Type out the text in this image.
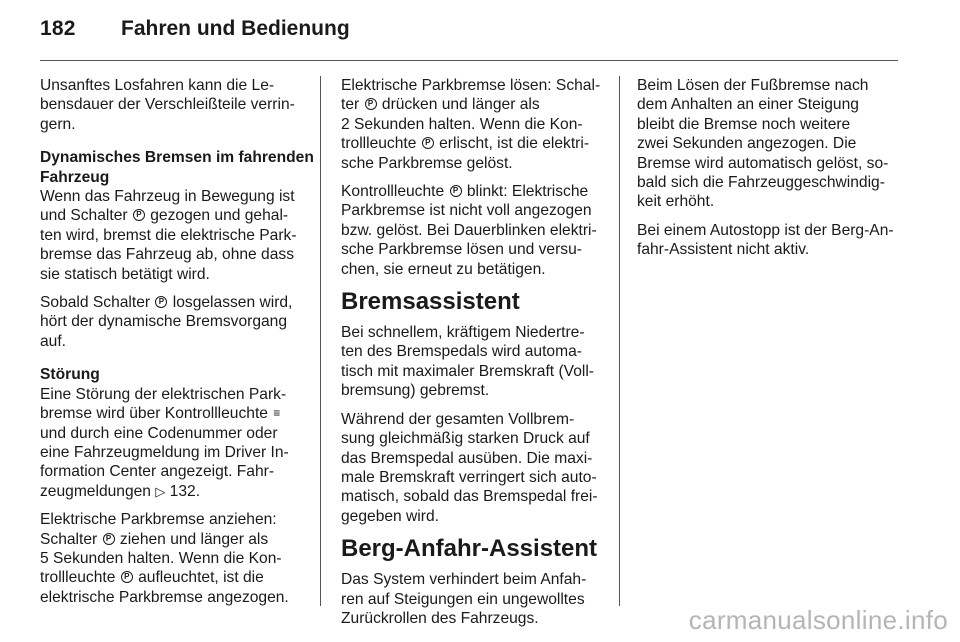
182 Fahren und Bedienung
Unsanftes Losfahren kann die Le-
bensdauer der Verschleißteile verrin-
gern.
Dynamisches Bremsen im fahrenden
Fahrzeug
Wenn das Fahrzeug in Bewegung ist
und Schalter P gezogen und gehal-
ten wird, bremst die elektrische Park-
bremse das Fahrzeug ab, ohne dass
sie statisch betätigt wird.
Sobald Schalter P losgelassen wird,
hört der dynamische Bremsvorgang
auf.
Störung
Eine Störung der elektrischen Park-
bremse wird über Kontrollleuchte ≡
und durch eine Codenummer oder
eine Fahrzeugmeldung im Driver In-
formation Center angezeigt. Fahr-
zeugmeldungen ▷ 132.
Elektrische Parkbremse anziehen:
Schalter P ziehen und länger als
5 Sekunden halten. Wenn die Kon-
trollleuchte P aufleuchtet, ist die
elektrische Parkbremse angezogen.
Elektrische Parkbremse lösen: Schal-
ter P drücken und länger als
2 Sekunden halten. Wenn die Kon-
trollleuchte P erlischt, ist die elektri-
sche Parkbremse gelöst.
Kontrollleuchte P blinkt: Elektrische
Parkbremse ist nicht voll angezogen
bzw. gelöst. Bei Dauerblinken elektri-
sche Parkbremse lösen und versu-
chen, sie erneut zu betätigen.
Bremsassistent
Bei schnellem, kräftigem Niedertre-
ten des Bremspedals wird automa-
tisch mit maximaler Bremskraft (Voll-
bremsung) gebremst.
Während der gesamten Vollbrem-
sung gleichmäßig starken Druck auf
das Bremspedal ausüben. Die maxi-
male Bremskraft verringert sich auto-
matisch, sobald das Bremspedal frei-
gegeben wird.
Berg-Anfahr-Assistent
Das System verhindert beim Anfah-
ren auf Steigungen ein ungewolltes
Zurückrollen des Fahrzeugs.
Beim Lösen der Fußbremse nach
dem Anhalten an einer Steigung
bleibt die Bremse noch weitere
zwei Sekunden angezogen. Die
Bremse wird automatisch gelöst, so-
bald sich die Fahrzeuggeschwindig-
keit erhöht.
Bei einem Autostopp ist der Berg-An-
fahr-Assistent nicht aktiv.
carmanualsonline.info
